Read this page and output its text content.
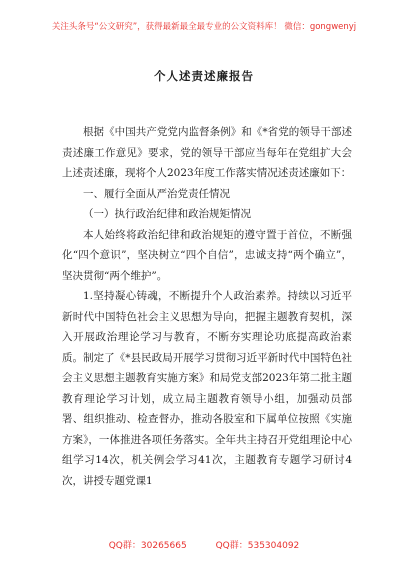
关注头条号“公文研究”，获得最新最全最专业的公文资料库！ 微信：gongwenyj
个人述责述廉报告

根据《中国共产党党内监督条例》和《*省党的领导干部述责述廉工作意见》要求，党的领导干部应当每年在党组扩大会上述责述廉，现将个人2023年度工作落实情况述责述廉如下：

一、履行全面从严治党责任情况

（一）执行政治纪律和政治规矩情况

本人始终将政治纪律和政治规矩的遵守置于首位，不断强化“四个意识”，坚决树立“四个自信”，忠诚支持“两个确立”，坚决贯彻“两个维护”。

1.坚持凝心铸魂，不断提升个人政治素养。持续以习近平新时代中国特色社会主义思想为导向，把握主题教育契机，深入开展政治理论学习与教育，不断夯实理论功底提高政治素质。制定了《*县民政局开展学习贯彻习近平新时代中国特色社会主义思想主题教育实施方案》和局党支部2023年第二批主题教育理论学习计划，成立局主题教育领导小组，加强动员部署、组织推动、检查督办，推动各股室和下属单位按照《实施方案》，一体推进各项任务落实。全年共主持召开党组理论中心组学习14次，机关例会学习41次，主题教育专题学习研讨4次，讲授专题党课1

QQ群：30265665	QQ群：535304092
